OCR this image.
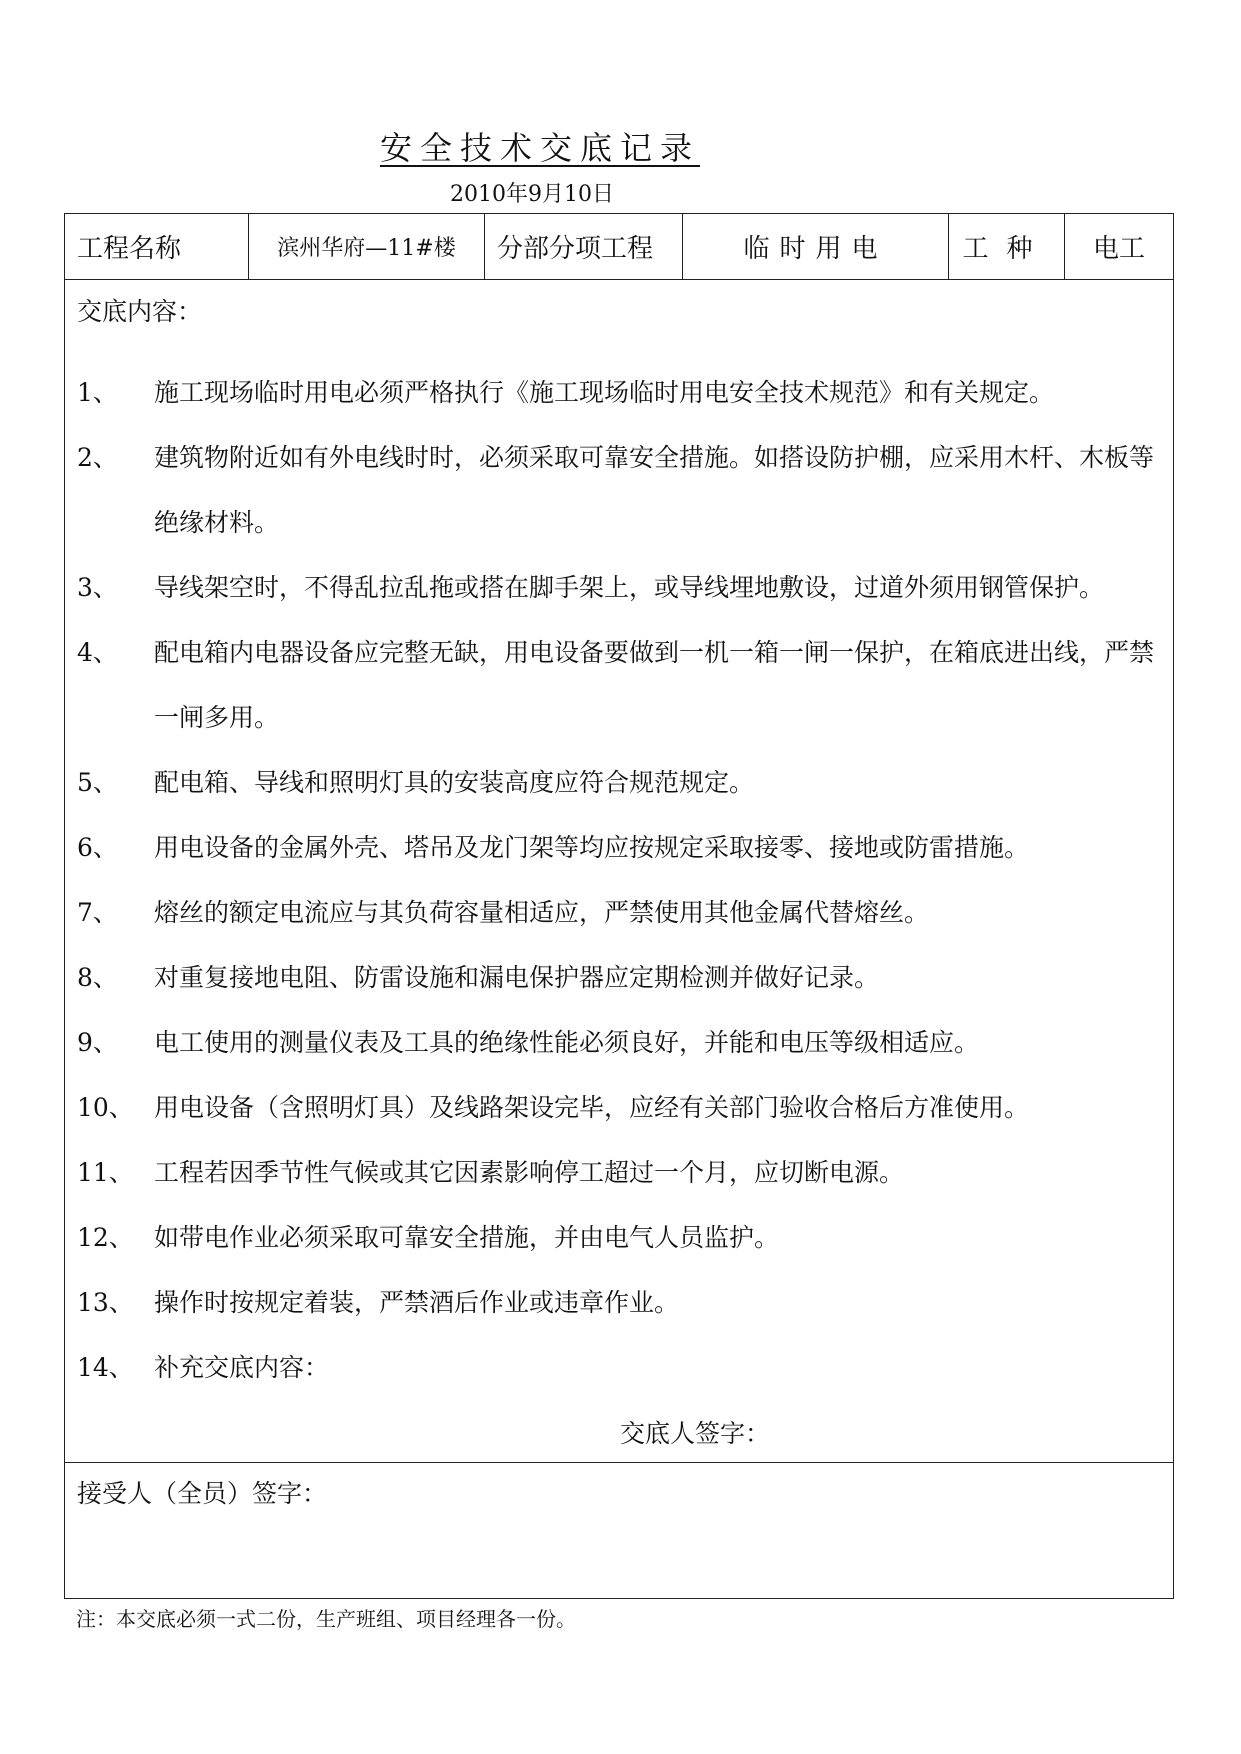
安全技术交底记录
2010年9月10日
工程名称	滨州华府—11#楼	分部分项工程	临时用电	工种	电工
交底内容：
1、	施工现场临时用电必须严格执行《施工现场临时用电安全技术规范》和有关规定。
2、	建筑物附近如有外电线时时，必须采取可靠安全措施。如搭设防护棚，应采用木杆、木板等绝缘材料。
3、	导线架空时，不得乱拉乱拖或搭在脚手架上，或导线埋地敷设，过道外须用钢管保护。
4、	配电箱内电器设备应完整无缺，用电设备要做到一机一箱一闸一保护，在箱底进出线，严禁一闸多用。
5、	配电箱、导线和照明灯具的安装高度应符合规范规定。
6、	用电设备的金属外壳、塔吊及龙门架等均应按规定采取接零、接地或防雷措施。
7、	熔丝的额定电流应与其负荷容量相适应，严禁使用其他金属代替熔丝。
8、	对重复接地电阻、防雷设施和漏电保护器应定期检测并做好记录。
9、	电工使用的测量仪表及工具的绝缘性能必须良好，并能和电压等级相适应。
10、 用电设备（含照明灯具）及线路架设完毕，应经有关部门验收合格后方准使用。
11、 工程若因季节性气候或其它因素影响停工超过一个月，应切断电源。
12、 如带电作业必须采取可靠安全措施，并由电气人员监护。
13、 操作时按规定着装，严禁酒后作业或违章作业。
14、 补充交底内容：
交底人签字：
接受人（全员）签字：
注：本交底必须一式二份，生产班组、项目经理各一份。
